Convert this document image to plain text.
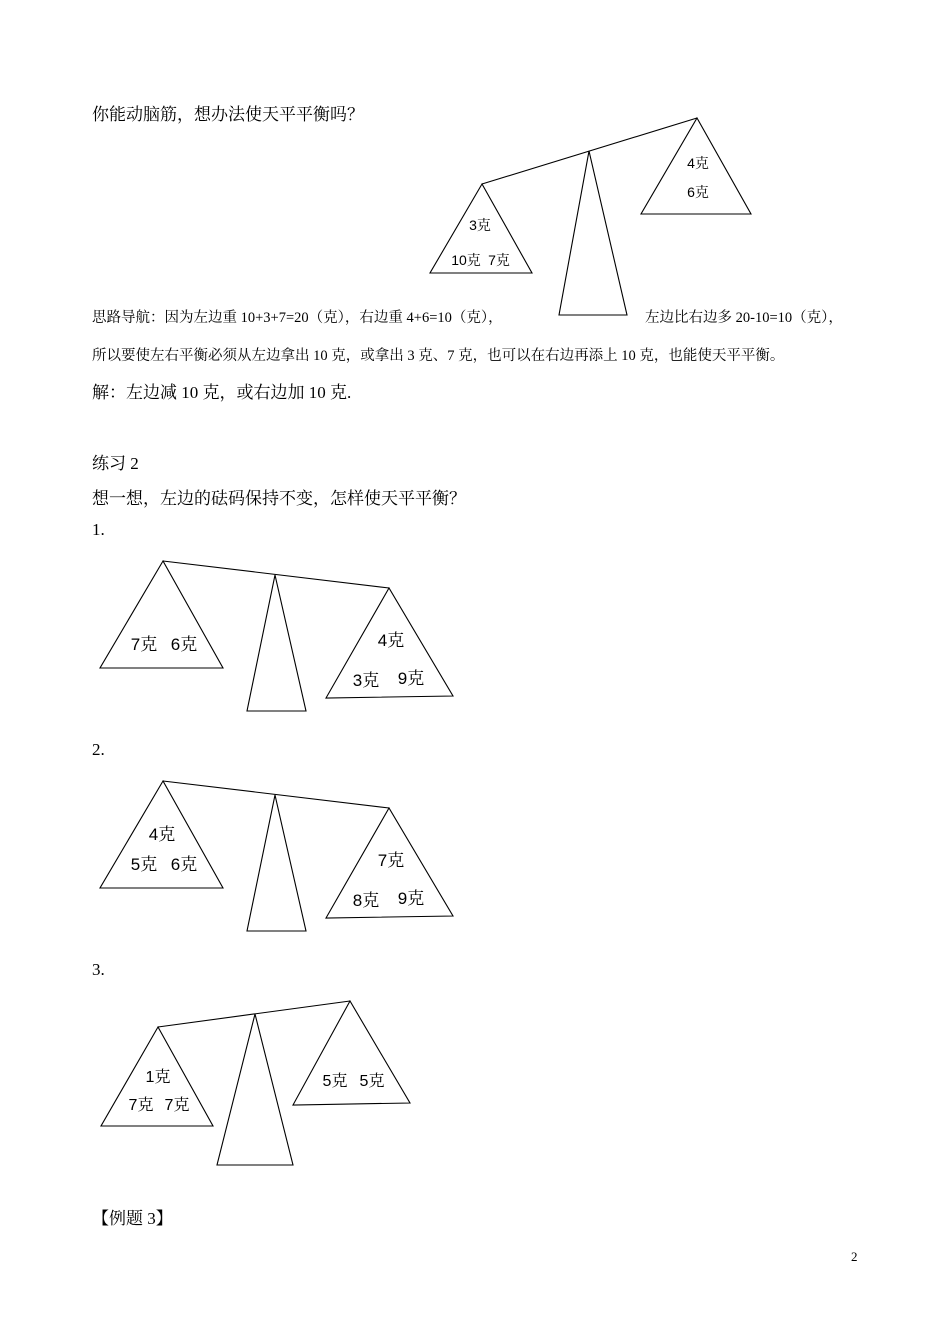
你能动脑筋，想办法使天平平衡吗？
3克
10克 7克
4克
6克
7克 6克	4克
3克 9克
4克
5克 6克	7克
8克 9克
1克
7克 7克
5克 5克
思路导航：因为左边重 10+3+7=20（克），右边重 4+6=10（克），	左边比右边多 20-10=10（克），
所以要使左右平衡必须从左边拿出 10 克，或拿出 3 克、7 克，也可以在右边再添上 10 克，也能使天平平衡。
解：左边减 10 克，或右边加 10 克.
练习 2
想一想，左边的砝码保持不变，怎样使天平平衡？
1.
2.
3.
【例题 3】
2
